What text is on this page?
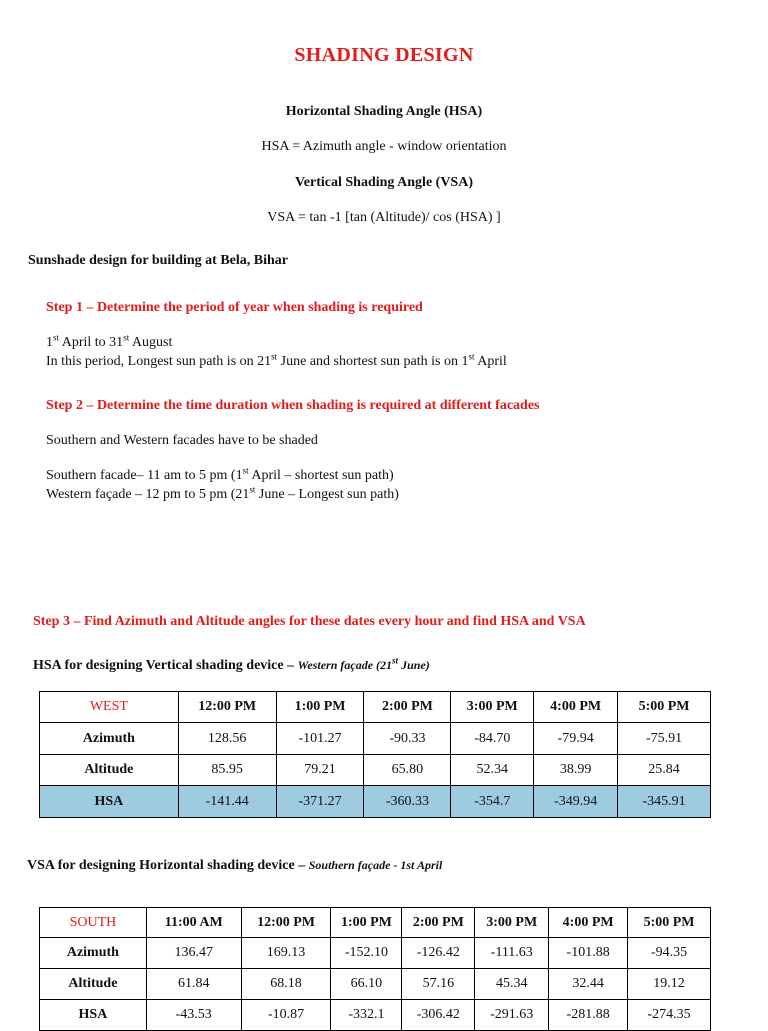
SHADING DESIGN
Horizontal Shading Angle (HSA)
HSA = Azimuth angle - window orientation
Vertical Shading Angle (VSA)
VSA = tan -1 [tan (Altitude)/ cos (HSA) ]
Sunshade design for building at Bela, Bihar
Step 1 – Determine the period of year when shading is required
1st April to 31st August
In this period, Longest sun path is on 21st June and shortest sun path is on 1st April
Step 2 – Determine the time duration when shading is required at different facades
Southern and Western facades have to be shaded
Southern facade– 11 am to 5 pm (1st April – shortest sun path)
Western façade – 12 pm to 5 pm (21st June – Longest sun path)
Step 3 – Find Azimuth and Altitude angles for these dates every hour and find HSA and VSA
HSA for designing Vertical shading device – Western façade (21st June)
WEST	12:00 PM	1:00 PM	2:00 PM	3:00 PM	4:00 PM	5:00 PM
Azimuth	128.56	-101.27	-90.33	-84.70	-79.94	-75.91
Altitude	85.95	79.21	65.80	52.34	38.99	25.84
HSA	-141.44	-371.27	-360.33	-354.7	-349.94	-345.91
VSA for designing Horizontal shading device – Southern façade - 1st April
SOUTH	11:00 AM	12:00 PM	1:00 PM	2:00 PM	3:00 PM	4:00 PM	5:00 PM
Azimuth	136.47	169.13	-152.10	-126.42	-111.63	-101.88	-94.35
Altitude	61.84	68.18	66.10	57.16	45.34	32.44	19.12
HSA	-43.53	-10.87	-332.1	-306.42	-291.63	-281.88	-274.35
